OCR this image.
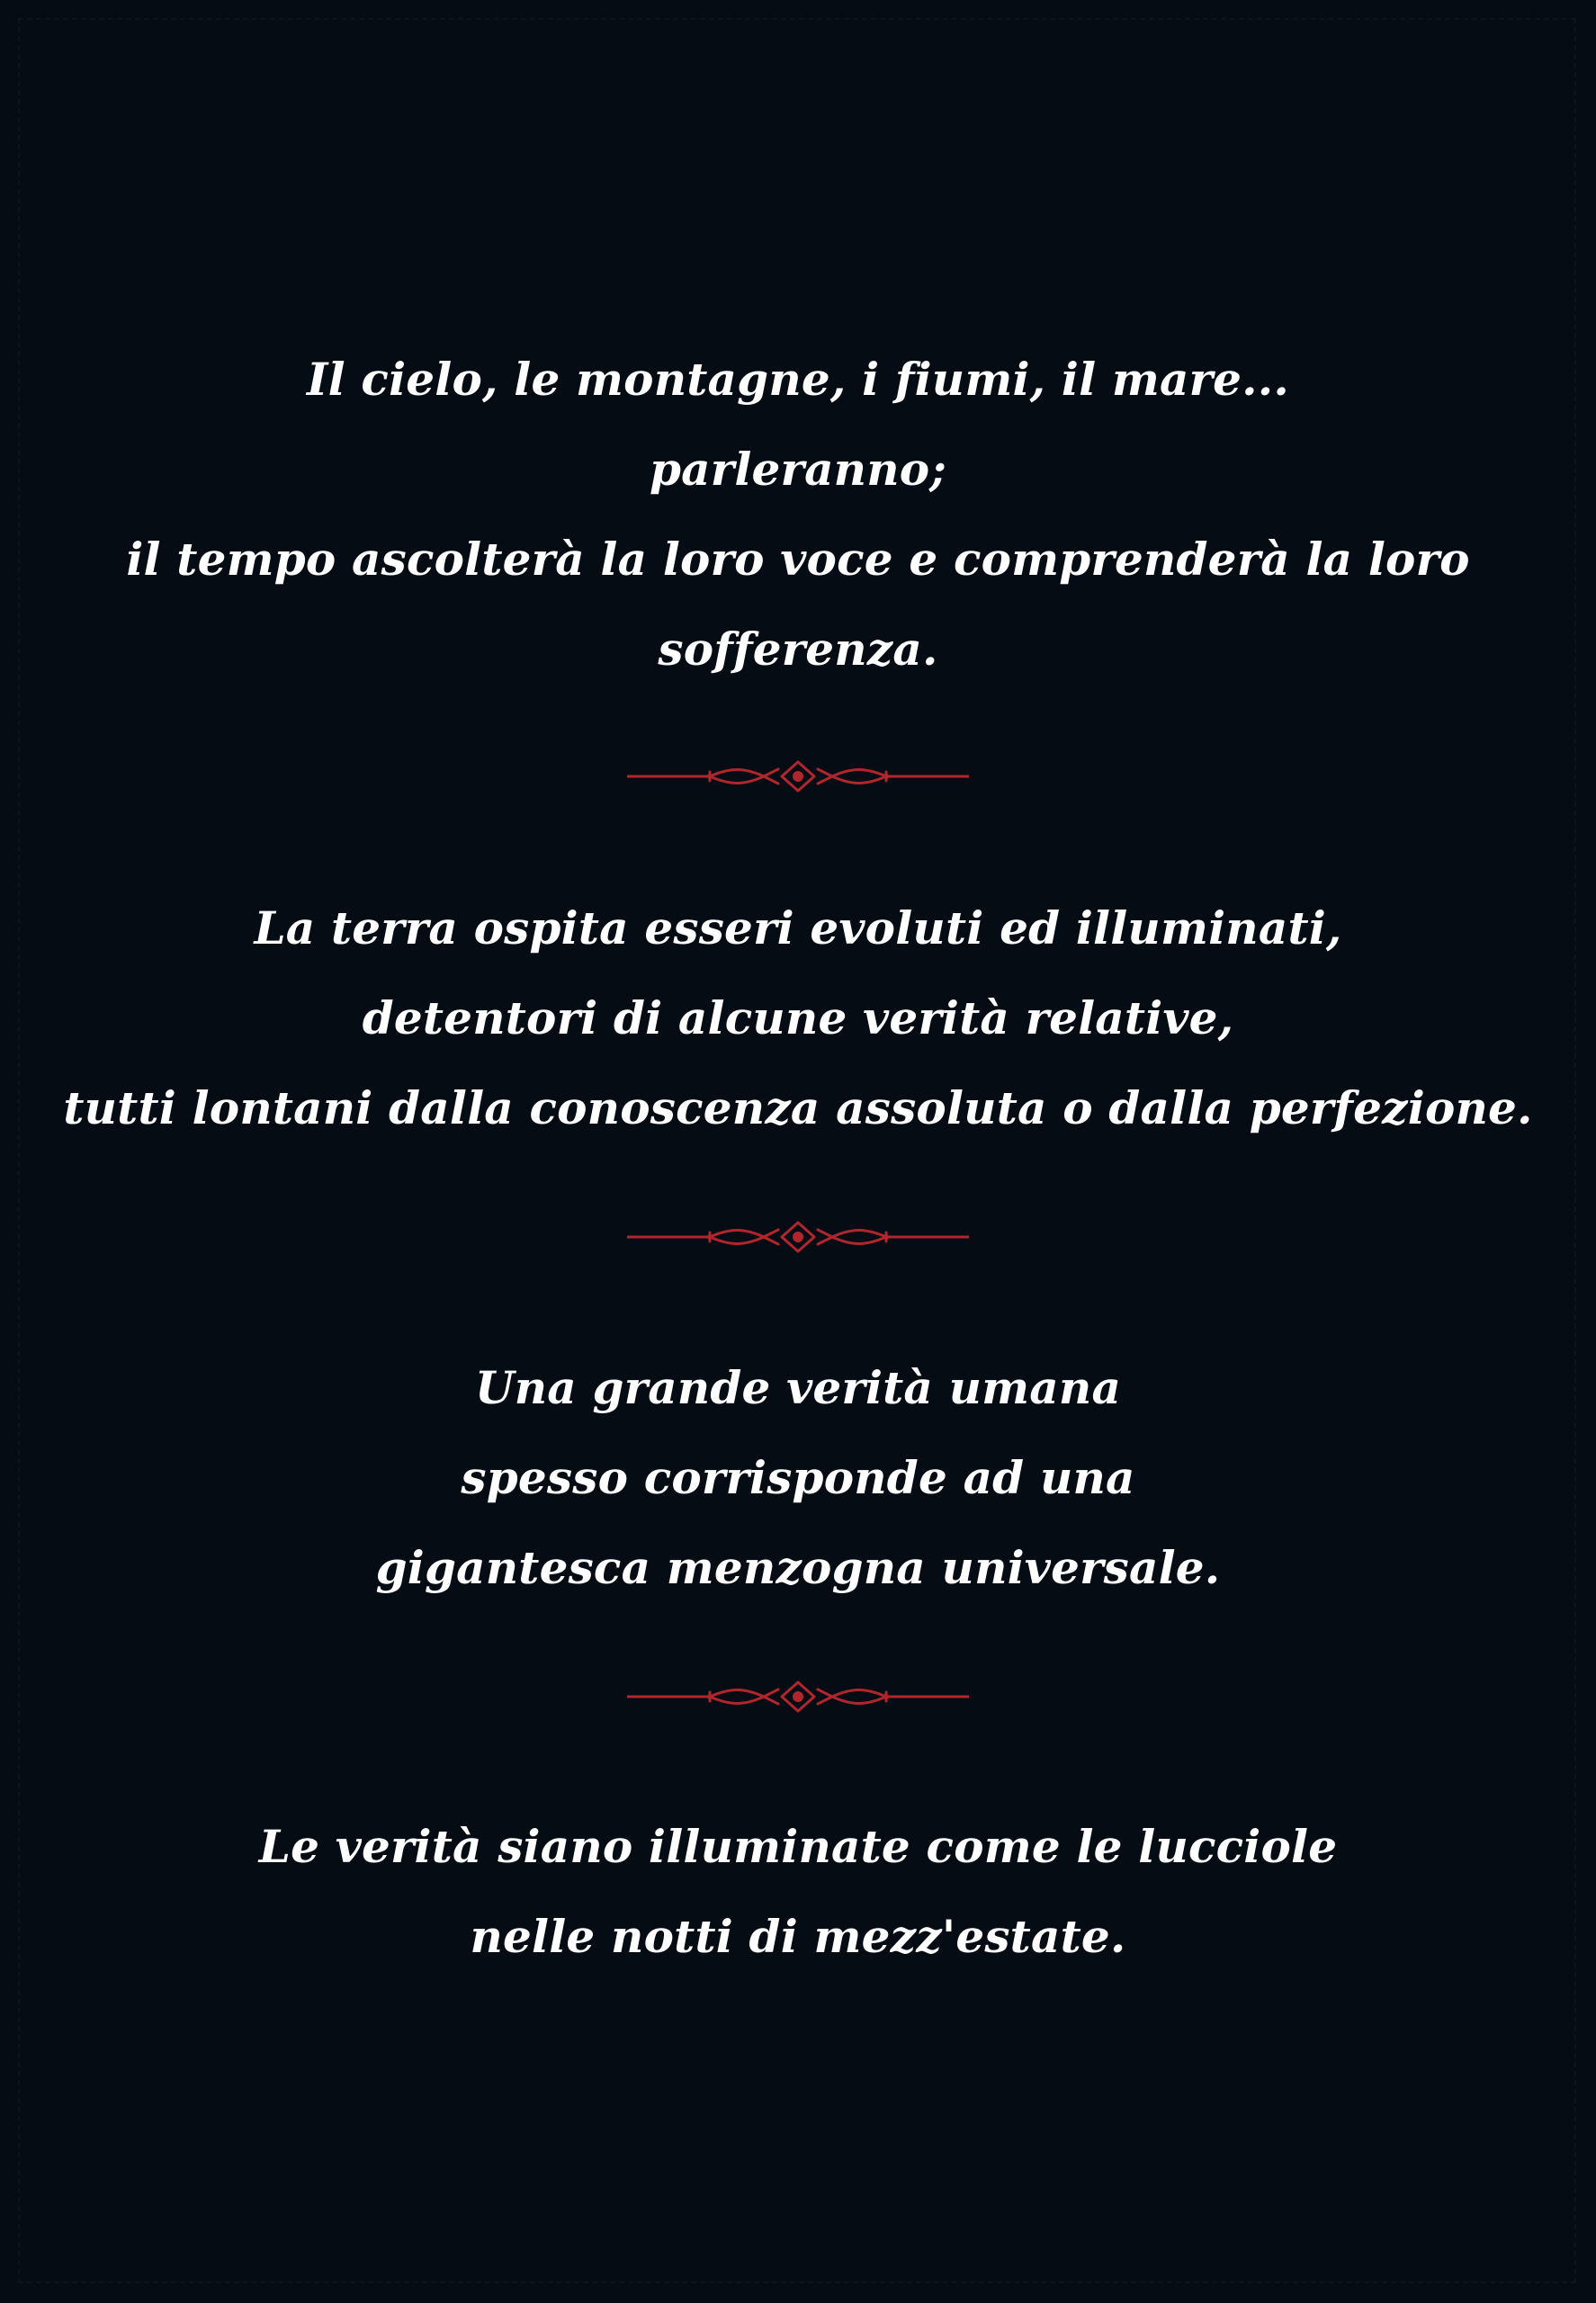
Il cielo, le montagne, i fiumi, il mare...
parleranno;
il tempo ascolterà la loro voce e comprenderà la loro
sofferenza.
La terra ospita esseri evoluti ed illuminati,
detentori di alcune verità relative,
tutti lontani dalla conoscenza assoluta o dalla perfezione.
Una grande verità umana
spesso corrisponde ad una
gigantesca menzogna universale.
Le verità siano illuminate come le lucciole
nelle notti di mezz'estate.
